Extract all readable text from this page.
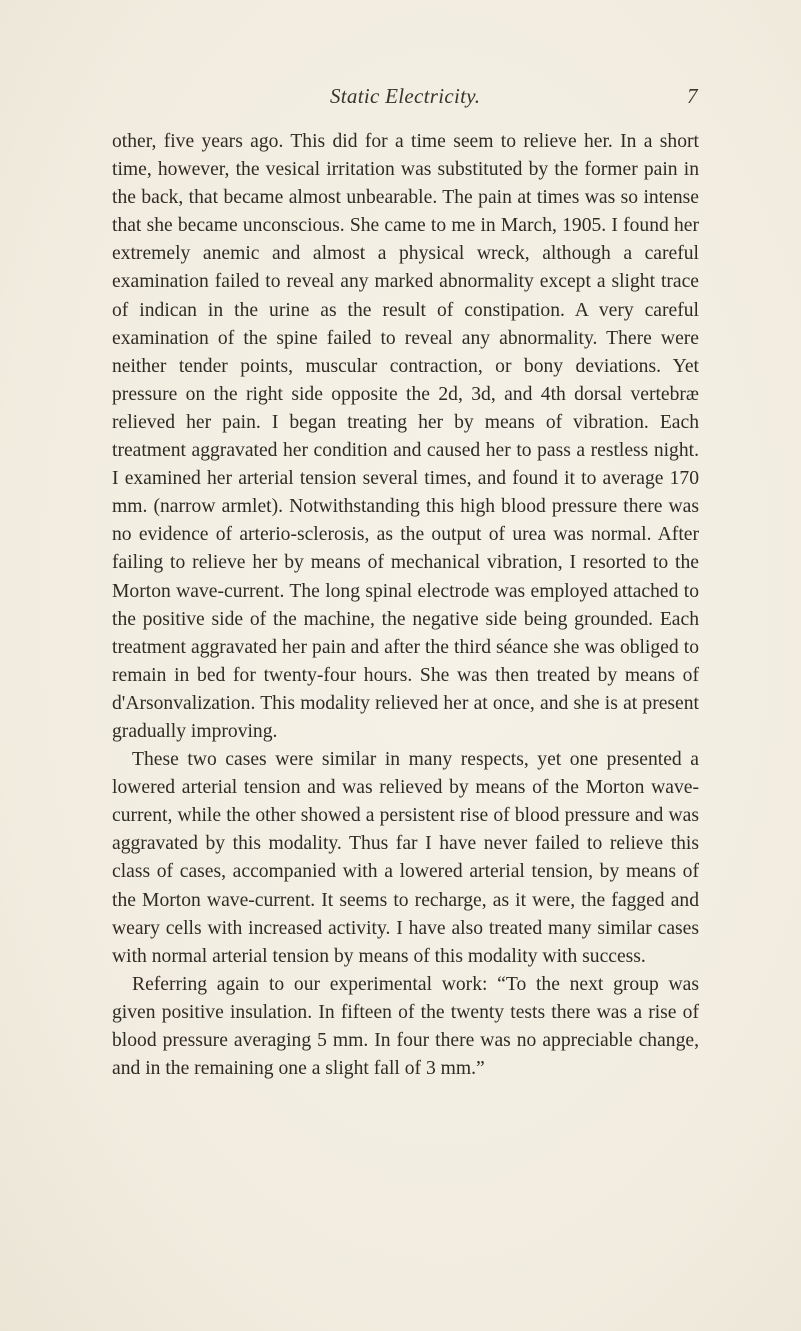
Static Electricity.	7

other, five years ago. This did for a time seem to relieve her. In a short time, however, the vesical irritation was substituted by the former pain in the back, that became almost unbearable. The pain at times was so intense that she became unconscious. She came to me in March, 1905. I found her extremely anemic and almost a physical wreck, although a careful examination failed to reveal any marked abnormality except a slight trace of indican in the urine as the result of constipation. A very careful examination of the spine failed to reveal any abnormality. There were neither tender points, muscular contraction, or bony deviations. Yet pressure on the right side opposite the 2d, 3d, and 4th dorsal vertebræ relieved her pain. I began treating her by means of vibration. Each treatment aggravated her condition and caused her to pass a restless night. I examined her arterial tension several times, and found it to average 170 mm. (narrow armlet). Notwithstanding this high blood pressure there was no evidence of arterio-sclerosis, as the output of urea was normal. After failing to relieve her by means of mechanical vibration, I resorted to the Morton wave-current. The long spinal electrode was employed attached to the positive side of the machine, the negative side being grounded. Each treatment aggravated her pain and after the third séance she was obliged to remain in bed for twenty-four hours. She was then treated by means of d'Arsonvalization. This modality relieved her at once, and she is at present gradually improving.

These two cases were similar in many respects, yet one presented a lowered arterial tension and was relieved by means of the Morton wave-current, while the other showed a persistent rise of blood pressure and was aggravated by this modality. Thus far I have never failed to relieve this class of cases, accompanied with a lowered arterial tension, by means of the Morton wave-current. It seems to recharge, as it were, the fagged and weary cells with increased activity. I have also treated many similar cases with normal arterial tension by means of this modality with success.

Referring again to our experimental work: “To the next group was given positive insulation. In fifteen of the twenty tests there was a rise of blood pressure averaging 5 mm. In four there was no appreciable change, and in the remaining one a slight fall of 3 mm.”
